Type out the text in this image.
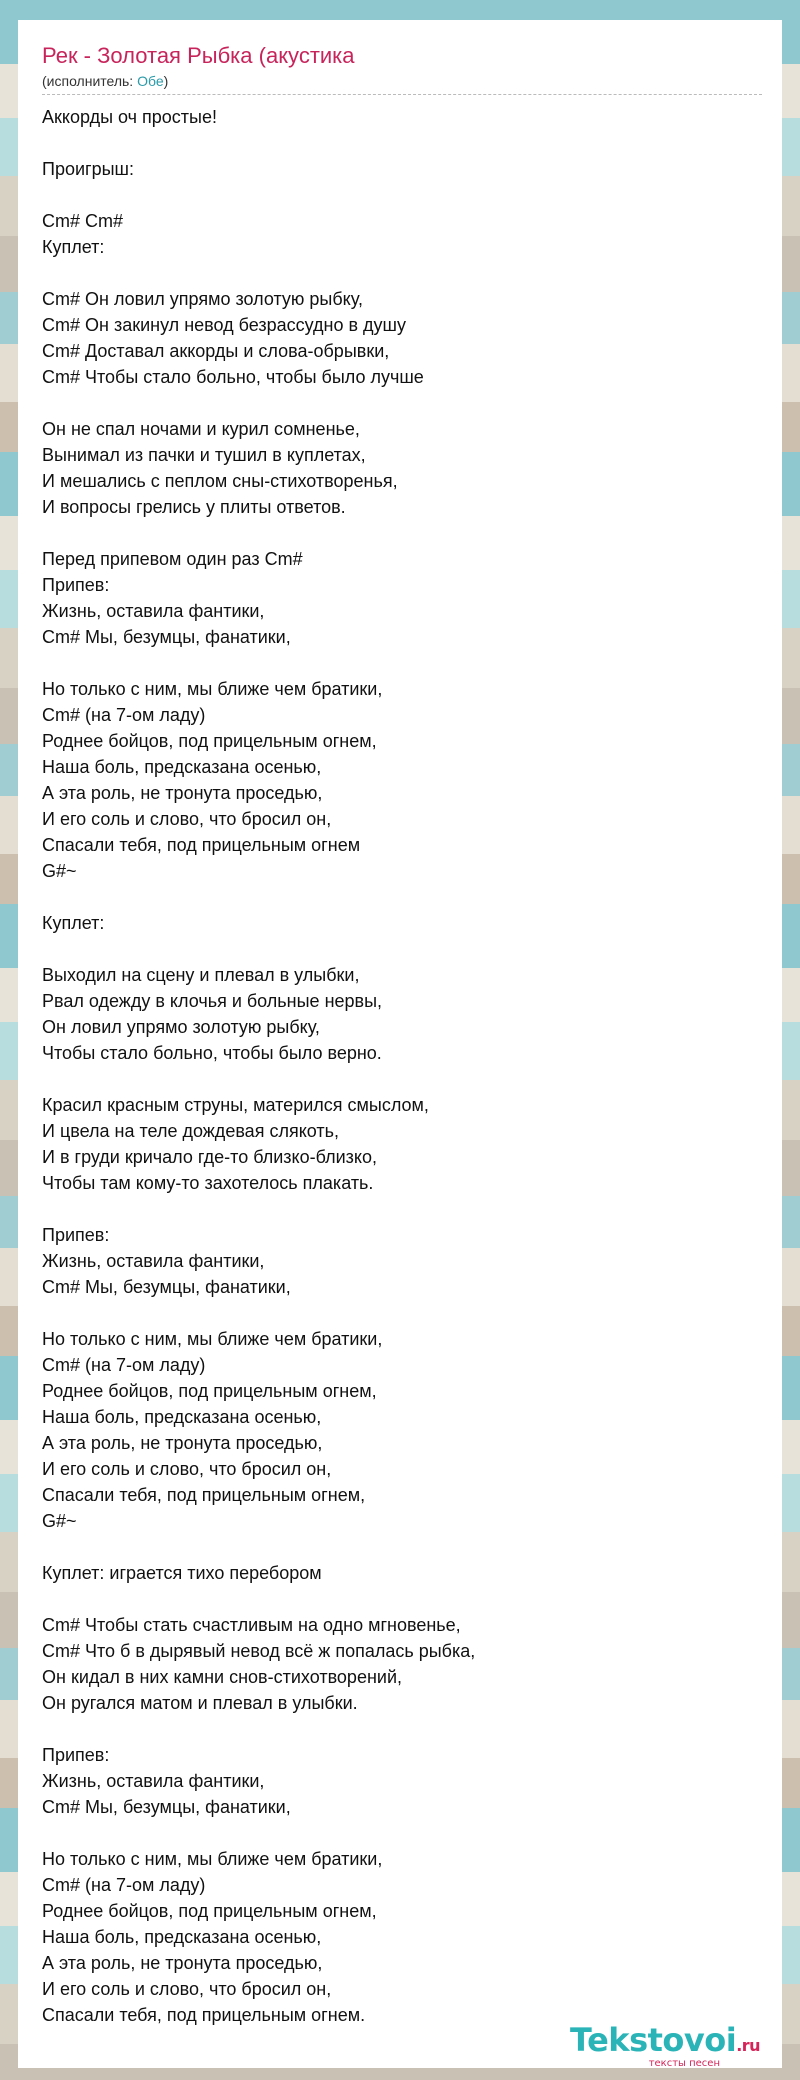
Рек - Золотая Рыбка (акустика
(исполнитель: Обе)
Аккорды оч простые!

Проигрыш:

Cm# Cm#
Куплет:

Cm# Он ловил упрямо золотую рыбку,
Cm# Он закинул невод безрассудно в душу
Cm# Доставал аккорды и слова-обрывки,
Cm# Чтобы стало больно, чтобы было лучше

Он не спал ночами и курил сомненье,
Вынимал из пачки и тушил в куплетах,
И мешались с пеплом сны-стихотворенья,
И вопросы грелись у плиты ответов.

Перед припевом один раз Cm#
Припев:
Жизнь, оставила фантики,
Cm# Мы, безумцы, фанатики,

Но только с ним, мы ближе чем братики,
Cm# (на 7-ом ладу)
Роднее бойцов, под прицельным огнем,
Наша боль, предсказана осенью,
А эта роль, не тронута проседью,
И его соль и слово, что бросил он,
Спасали тебя, под прицельным огнем
G#~

Куплет:

Выходил на сцену и плевал в улыбки,
Рвал одежду в клочья и больные нервы,
Он ловил упрямо золотую рыбку,
Чтобы стало больно, чтобы было верно.

Красил красным струны, матерился смыслом,
И цвела на теле дождевая слякоть,
И в груди кричало где-то близко-близко,
Чтобы там кому-то захотелось плакать.

Припев:
Жизнь, оставила фантики,
Cm# Мы, безумцы, фанатики,

Но только с ним, мы ближе чем братики,
Cm# (на 7-ом ладу)
Роднее бойцов, под прицельным огнем,
Наша боль, предсказана осенью,
А эта роль, не тронута проседью,
И его соль и слово, что бросил он,
Спасали тебя, под прицельным огнем,
G#~

Куплет: играется тихо перебором

Cm# Чтобы стать счастливым на одно мгновенье,
Cm# Что б в дырявый невод всё ж попалась рыбка,
Он кидал в них камни снов-стихотворений,
Он ругался матом и плевал в улыбки.

Припев:
Жизнь, оставила фантики,
Cm# Мы, безумцы, фанатики,

Но только с ним, мы ближе чем братики,
Cm# (на 7-ом ладу)
Роднее бойцов, под прицельным огнем,
Наша боль, предсказана осенью,
А эта роль, не тронута проседью,
И его соль и слово, что бросил он,
Спасали тебя, под прицельным огнем.
Tekstovoi.ru
тексты песен
